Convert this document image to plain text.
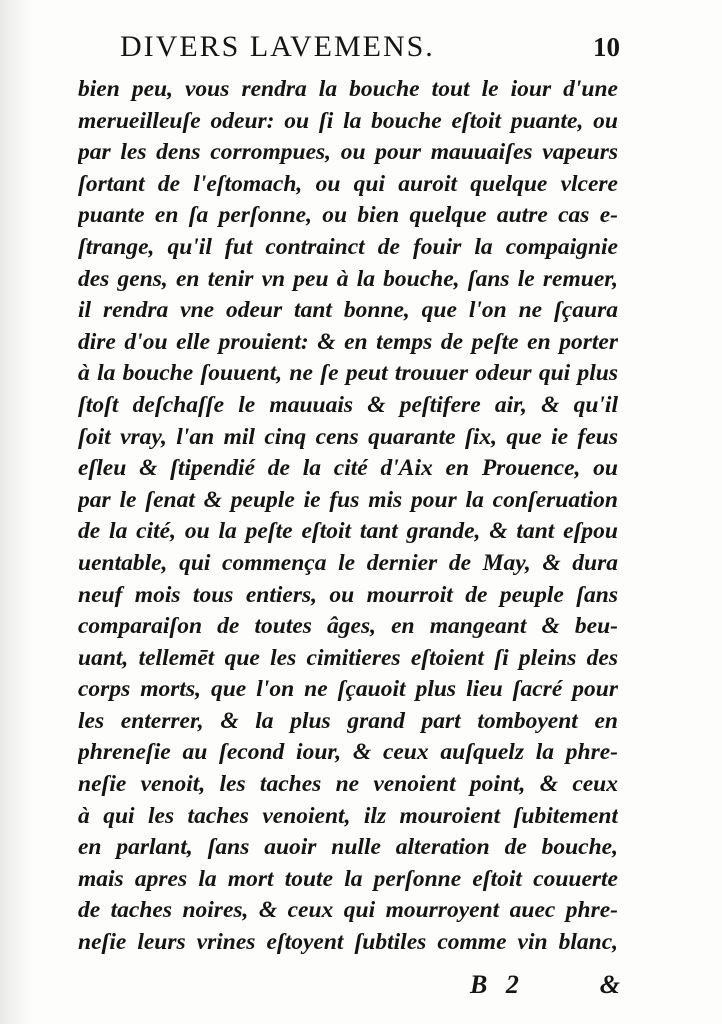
DIVERS LAVEMENS.	10
bien peu, vous rendra la bouche tout le iour d'une
merueilleuſe odeur: ou ſi la bouche eſtoit puante, ou
par les dens corrompues, ou pour mauuaiſes vapeurs
ſortant de l'eſtomach, ou qui auroit quelque vlcere
puante en ſa perſonne, ou bien quelque autre cas e-
ſtrange, qu'il fut contrainct de fouir la compaignie
des gens, en tenir vn peu à la bouche, ſans le remuer,
il rendra vne odeur tant bonne, que l'on ne ſçaura
dire d'ou elle prouient: & en temps de peſte en porter
à la bouche ſouuent, ne ſe peut trouuer odeur qui plus
ſtoſt deſchaſſe le mauuais & peſtifere air, & qu'il
ſoit vray, l'an mil cinq cens quarante ſix, que ie feus
eſleu & ſtipendié de la cité d'Aix en Prouence, ou
par le ſenat & peuple ie fus mis pour la conſeruation
de la cité, ou la peſte eſtoit tant grande, & tant eſpou
uentable, qui commença le dernier de May, & dura
neuf mois tous entiers, ou mourroit de peuple ſans
comparaiſon de toutes âges, en mangeant & beu-
uant, tellemēt que les cimitieres eſtoient ſi pleins des
corps morts, que l'on ne ſçauoit plus lieu ſacré pour
les enterrer, & la plus grand part tomboyent en
phreneſie au ſecond iour, & ceux auſquelz la phre-
neſie venoit, les taches ne venoient point, & ceux
à qui les taches venoient, ilz mouroient ſubitement
en parlant, ſans auoir nulle alteration de bouche,
mais apres la mort toute la perſonne eſtoit couuerte
de taches noires, & ceux qui mourroyent auec phre-
neſie leurs vrines eſtoyent ſubtiles comme vin blanc,
B 2	&
